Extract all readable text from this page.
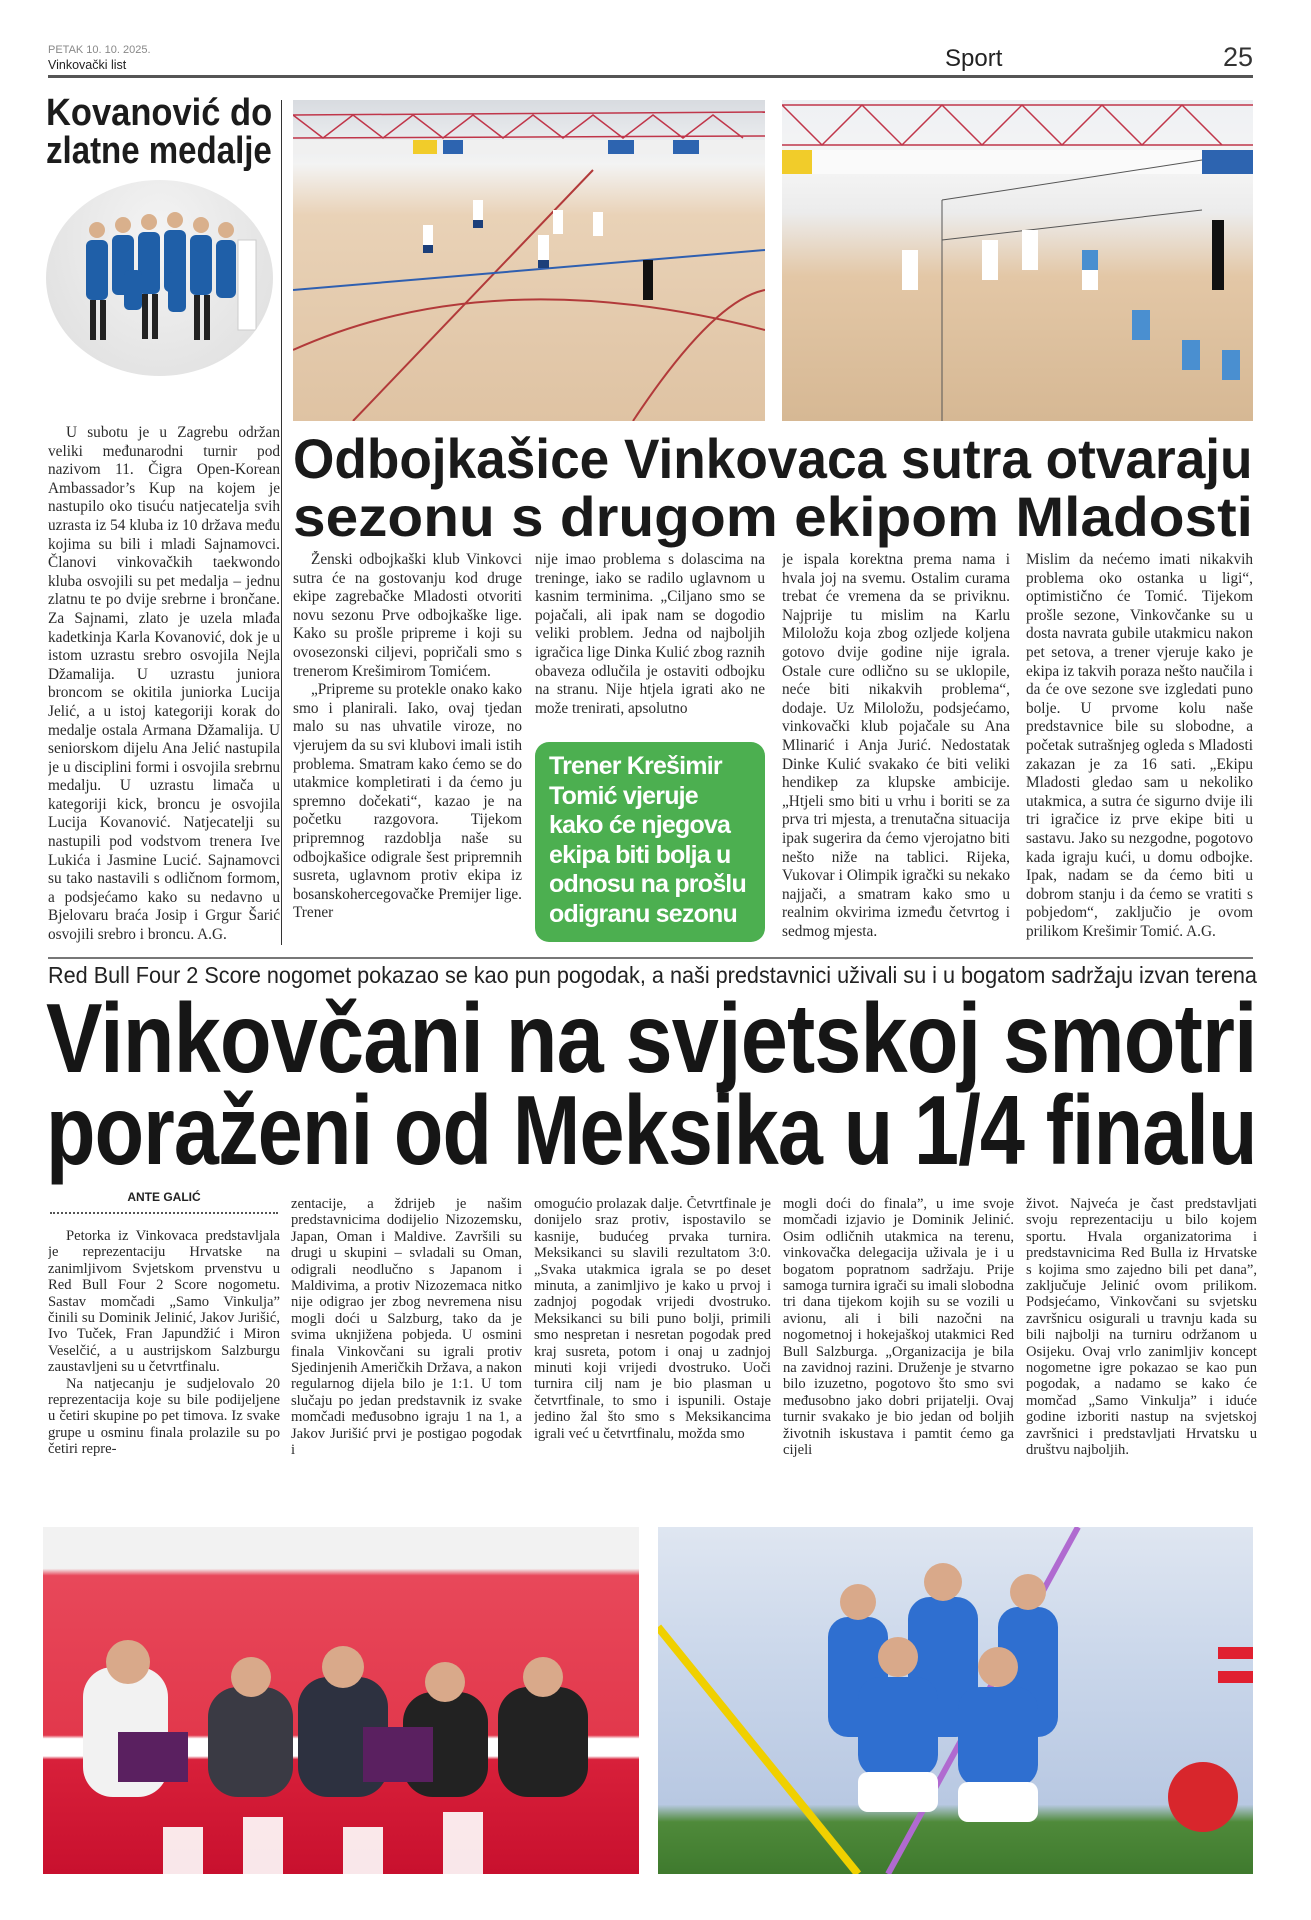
PETAK 10. 10. 2025.
Vinkovački list	Sport	25
Kovanović do
zlatne medalje

U subotu je u Zagrebu održan veliki međunarodni turnir pod nazivom 11. Čigra Open-Korean Ambassador’s Kup na kojem je nastupilo oko tisuću natjecatelja svih uzrasta iz 54 kluba iz 10 država među kojima su bili i mladi Sajnamovci. Članovi vinkovačkih taekwondo kluba osvojili su pet medalja – jednu zlatnu te po dvije srebrne i brončane. Za Sajnami, zlato je uzela mlađa kadetkinja Karla Kovanović, dok je u istom uzrastu srebro osvojila Nejla Džamalija. U uzrastu juniora broncom se okitila juniorka Lucija Jelić, a u istoj kategoriji korak do medalje ostala Armana Džamalija. U seniorskom dijelu Ana Jelić nastupila je u disciplini formi i osvojila srebrnu medalju. U uzrastu limača u kategoriji kick, broncu je osvojila Lucija Kovanović. Natjecatelji su nastupili pod vodstvom trenera Ive Lukića i Jasmine Lucić. Sajnamovci su tako nastavili s odličnom formom, a podsjećamo kako su nedavno u Bjelovaru braća Josip i Grgur Šarić osvojili srebro i broncu. A.G.

Odbojkašice Vinkovaca sutra otvaraju
sezonu s drugom ekipom Mladosti

Ženski odbojkaški klub Vinkovci sutra će na gostovanju kod druge ekipe zagrebačke Mladosti otvoriti novu sezonu Prve odbojkaške lige. Kako su prošle pripreme i koji su ovosezonski ciljevi, popričali smo s trenerom Krešimirom Tomićem.

„Pripreme su protekle onako kako smo i planirali. Iako, ovaj tjedan malo su nas uhvatile viroze, no vjerujem da su svi klubovi imali istih problema. Smatram kako ćemo se do utakmice kompletirati i da ćemo ju spremno dočekati“, kazao je na početku razgovora. Tijekom pripremnog razdoblja naše su odbojkašice odigrale šest pripremnih susreta, uglavnom protiv ekipa iz bosanskohercegovačke Premijer lige. Trener

nije imao problema s dolascima na treninge, iako se radilo uglavnom u kasnim terminima. „Ciljano smo se pojačali, ali ipak nam se dogodio veliki problem. Jedna od najboljih igračica lige Dinka Kulić zbog raznih obaveza odlučila je ostaviti odbojku na stranu. Nije htjela igrati ako ne može trenirati, apsolutno

Trener Krešimir Tomić vjeruje kako će njegova ekipa biti bolja u odnosu na prošlu odigranu sezonu

je ispala korektna prema nama i hvala joj na svemu. Ostalim curama trebat će vremena da se priviknu. Najprije tu mislim na Karlu Miloložu koja zbog ozljede koljena gotovo dvije godine nije igrala. Ostale cure odlično su se uklopile, neće biti nikakvih problema“, dodaje. Uz Miloložu, podsjećamo, vinkovački klub pojačale su Ana Mlinarić i Anja Jurić. Nedostatak Dinke Kulić svakako će biti veliki hendikep za klupske ambicije. „Htjeli smo biti u vrhu i boriti se za prva tri mjesta, a trenutačna situacija ipak sugerira da ćemo vjerojatno biti nešto niže na tablici. Rijeka, Vukovar i Olimpik igrački su nekako najjači, a smatram kako smo u realnim okvirima između četvrtog i sedmog mjesta.

Mislim da nećemo imati nikakvih problema oko ostanka u ligi“, optimistično će Tomić. Tijekom prošle sezone, Vinkovčanke su u dosta navrata gubile utakmicu nakon pet setova, a trener vjeruje kako je ekipa iz takvih poraza nešto naučila i da će ove sezone sve izgledati puno bolje. U prvome kolu naše predstavnice bile su slobodne, a početak sutrašnjeg ogleda s Mladosti zakazan je za 16 sati. „Ekipu Mladosti gledao sam u nekoliko utakmica, a sutra će sigurno dvije ili tri igračice iz prve ekipe biti u sastavu. Jako su nezgodne, pogotovo kada igraju kući, u domu odbojke. Ipak, nadam se da ćemo biti u dobrom stanju i da ćemo se vratiti s pobjedom“, zaključio je ovom prilikom Krešimir Tomić. A.G.

Red Bull Four 2 Score nogomet pokazao se kao pun pogodak, a naši predstavnici uživali su i u bogatom sadržaju izvan terena
Vinkovčani na svjetskoj smotri
poraženi od Meksika u 1/4 finalu
ANTE GALIĆ

Petorka iz Vinkovaca predstavljala je reprezentaciju Hrvatske na zanimljivom Svjetskom prvenstvu u Red Bull Four 2 Score nogometu. Sastav momčadi „Samo Vinkulja” činili su Dominik Jelinić, Jakov Jurišić, Ivo Tuček, Fran Japundžić i Miron Veselčić, a u austrijskom Salzburgu zaustavljeni su u četvrtfinalu.

Na natjecanju je sudjelovalo 20 reprezentacija koje su bile podijeljene u četiri skupine po pet timova. Iz svake grupe u osminu finala prolazile su po četiri repre-

zentacije, a ždrijeb je našim predstavnicima dodijelio Nizozemsku, Japan, Oman i Maldive. Završili su drugi u skupini – svladali su Oman, odigrali neodlučno s Japanom i Maldivima, a protiv Nizozemaca nitko nije odigrao jer zbog nevremena nisu mogli doći u Salzburg, tako da je svima uknjižena pobjeda. U osmini finala Vinkovčani su igrali protiv Sjedinjenih Američkih Država, a nakon regularnog dijela bilo je 1:1. U tom slučaju po jedan predstavnik iz svake momčadi međusobno igraju 1 na 1, a Jakov Jurišić prvi je postigao pogodak i

omogućio prolazak dalje. Četvrtfinale je donijelo sraz protiv, ispostavilo se kasnije, budućeg prvaka turnira. Meksikanci su slavili rezultatom 3:0. „Svaka utakmica igrala se po deset minuta, a zanimljivo je kako u prvoj i zadnjoj pogodak vrijedi dvostruko. Meksikanci su bili puno bolji, primili smo nespretan i nesretan pogodak pred kraj susreta, potom i onaj u zadnjoj minuti koji vrijedi dvostruko. Uoči turnira cilj nam je bio plasman u četvrtfinale, to smo i ispunili. Ostaje jedino žal što smo s Meksikancima igrali već u četvrtfinalu, možda smo

mogli doći do finala”, u ime svoje momčadi izjavio je Dominik Jelinić. Osim odličnih utakmica na terenu, vinkovačka delegacija uživala je i u bogatom popratnom sadržaju. Prije samoga turnira igrači su imali slobodna tri dana tijekom kojih su se vozili u avionu, ali i bili nazočni na nogometnoj i hokejaškoj utakmici Red Bull Salzburga. „Organizacija je bila na zavidnoj razini. Druženje je stvarno bilo izuzetno, pogotovo što smo svi međusobno jako dobri prijatelji. Ovaj turnir svakako je bio jedan od boljih životnih iskustava i pamtit ćemo ga cijeli

život. Najveća je čast predstavljati svoju reprezentaciju u bilo kojem sportu. Hvala organizatorima i predstavnicima Red Bulla iz Hrvatske s kojima smo zajedno bili pet dana”, zaključuje Jelinić ovom prilikom. Podsjećamo, Vinkovčani su svjetsku završnicu osigurali u travnju kada su bili najbolji na turniru održanom u Osijeku. Ovaj vrlo zanimljiv koncept nogometne igre pokazao se kao pun pogodak, a nadamo se kako će momčad „Samo Vinkulja” i iduće godine izboriti nastup na svjetskoj završnici i predstavljati Hrvatsku u društvu najboljih.
